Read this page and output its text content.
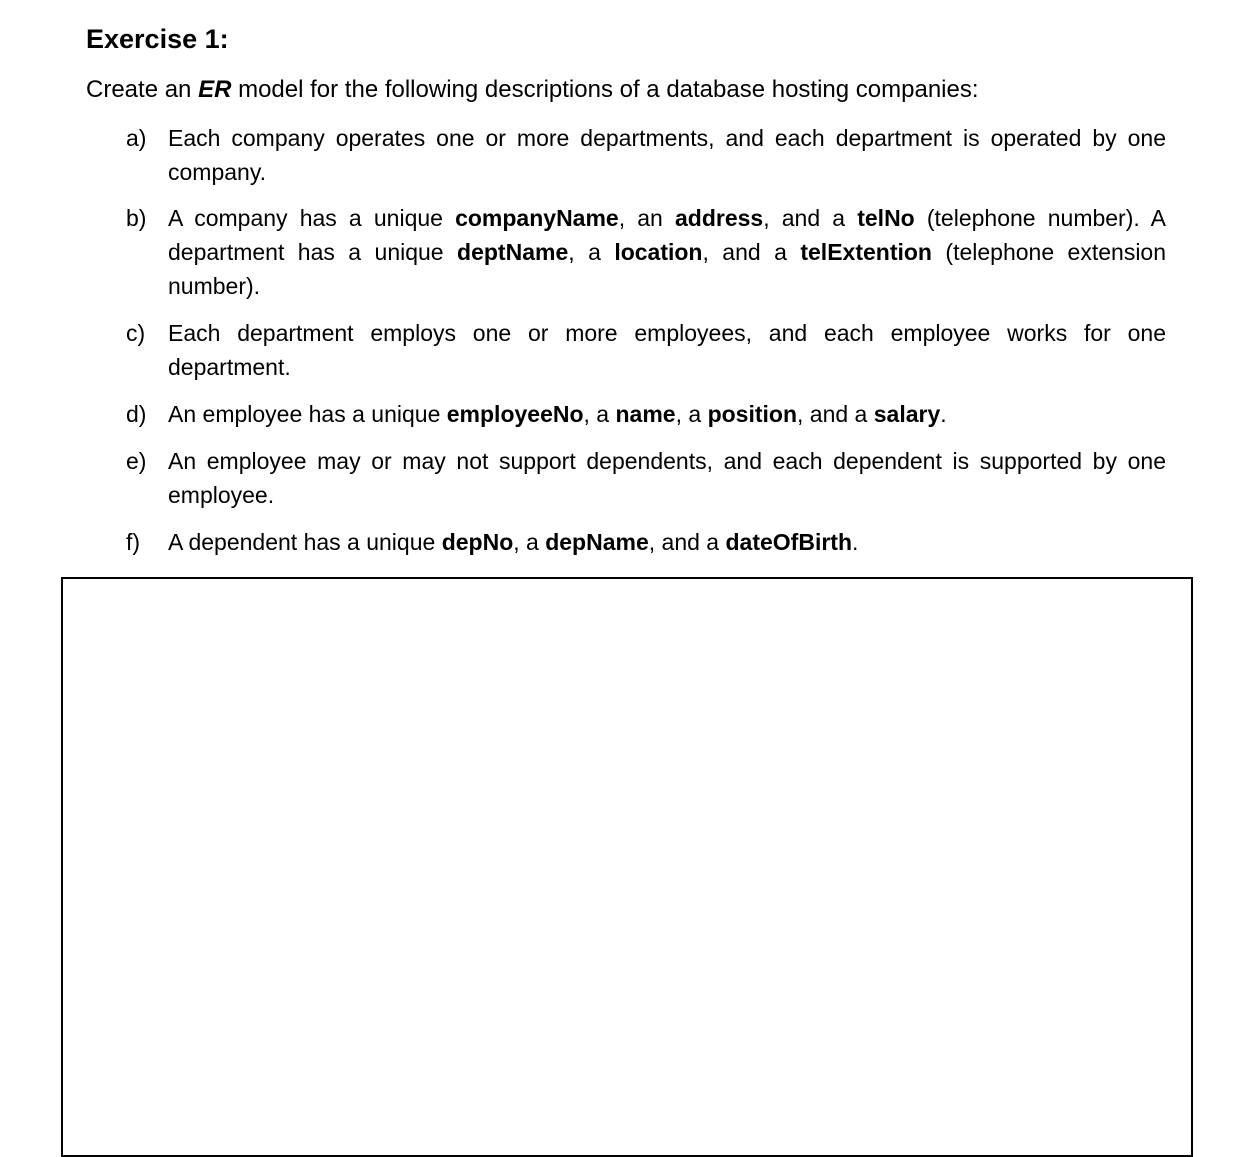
Exercise 1:

Create an ER model for the following descriptions of a database hosting companies:

a) Each company operates one or more departments, and each department is operated by one company.
b) A company has a unique companyName, an address, and a telNo (telephone number). A department has a unique deptName, a location, and a telExtention (telephone extension number).
c) Each department employs one or more employees, and each employee works for one department.
d) An employee has a unique employeeNo, a name, a position, and a salary.
e) An employee may or may not support dependents, and each dependent is supported by one employee.
f)	A dependent has a unique depNo, a depName, and a dateOfBirth.
